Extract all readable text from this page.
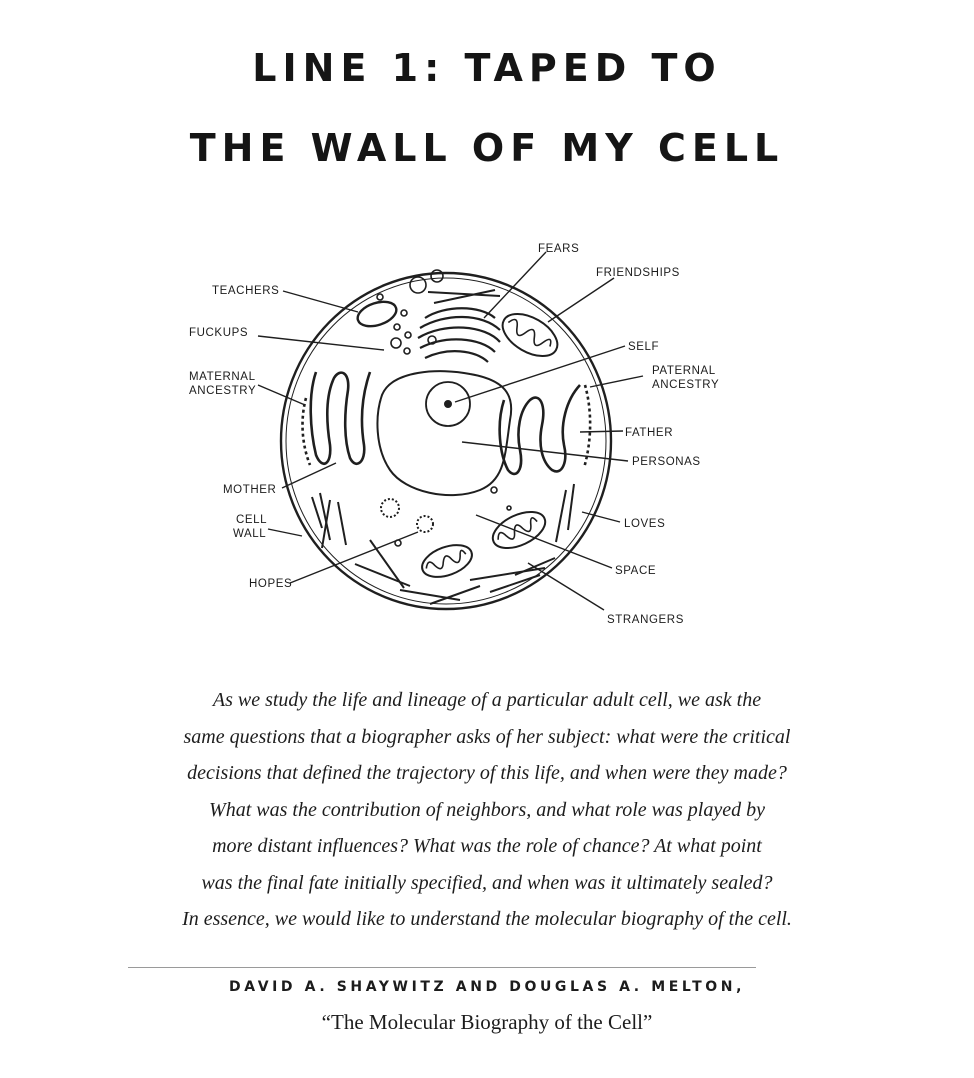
LINE 1: TAPED TO
THE WALL OF MY CELL
FEARS
FRIENDSHIPS
TEACHERS
FUCKUPS
SELF
MATERNAL
ANCESTRY
PATERNAL
ANCESTRY
FATHER
PERSONAS
MOTHER
CELL
WALL
LOVES
SPACE
HOPES
STRANGERS
As we study the life and lineage of a particular adult cell, we ask the
same questions that a biographer asks of her subject: what were the critical
decisions that defined the trajectory of this life, and when were they made?
What was the contribution of neighbors, and what role was played by
more distant influences? What was the role of chance? At what point
was the final fate initially specified, and when was it ultimately sealed?
In essence, we would like to understand the molecular biography of the cell.
DAVID A. SHAYWITZ AND DOUGLAS A. MELTON,
“The Molecular Biography of the Cell”
